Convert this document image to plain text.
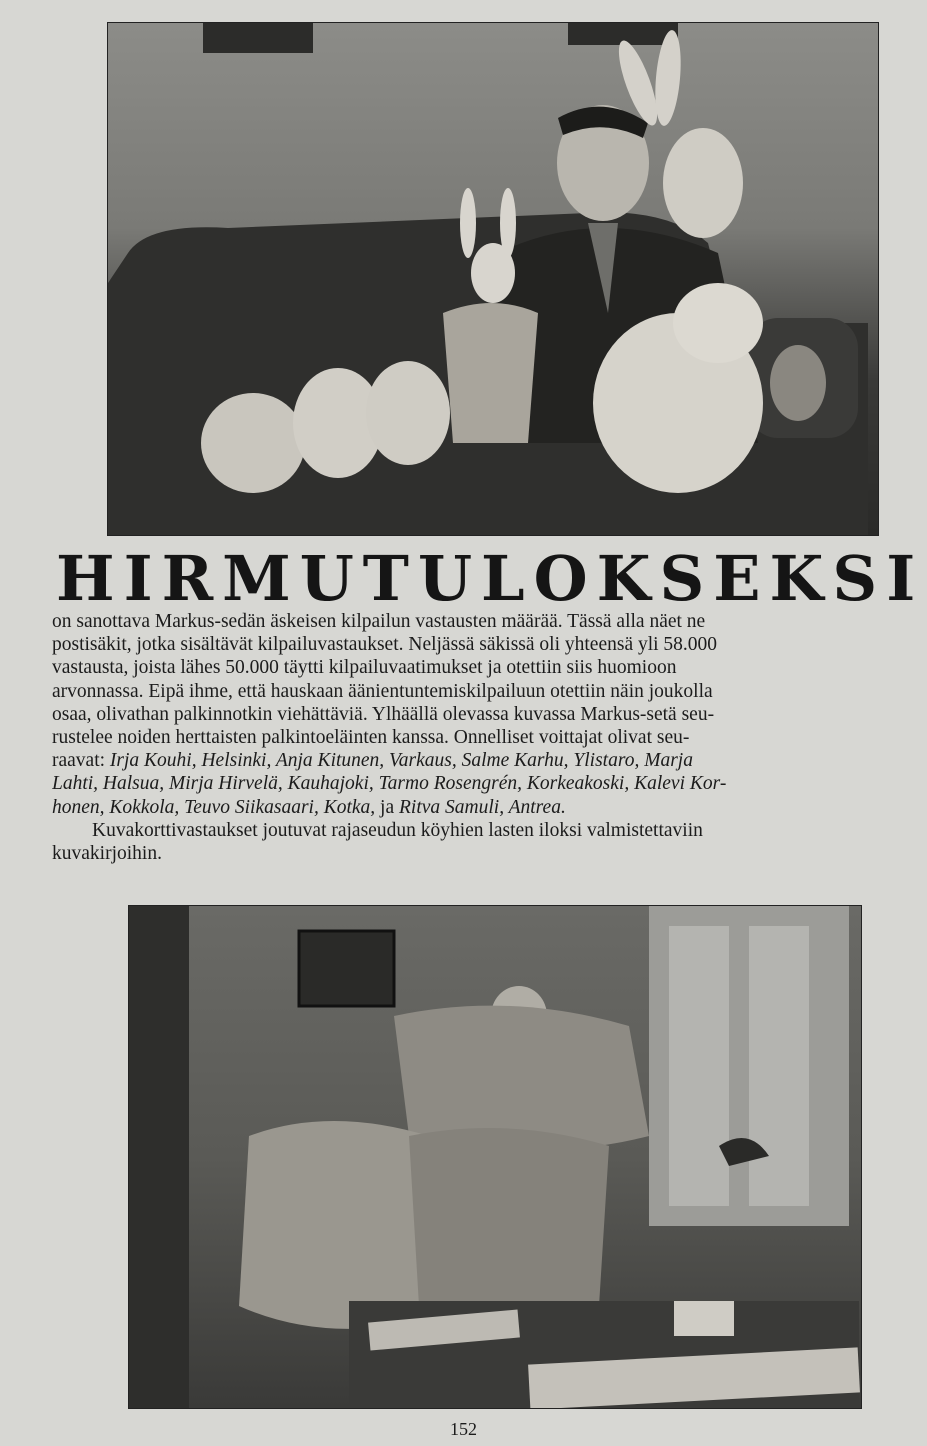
HIRMUTULOKSEKSI
on sanottava Markus-sedän äskeisen kilpailun vastausten määrää. Tässä alla näet ne
postisäkit, jotka sisältävät kilpailuvastaukset. Neljässä säkissä oli yhteensä yli 58.000
vastausta, joista lähes 50.000 täytti kilpailuvaatimukset ja otettiin siis huomioon
arvonnassa. Eipä ihme, että hauskaan äänientuntemiskilpailuun otettiin näin joukolla
osaa, olivathan palkinnotkin viehättäviä. Ylhäällä olevassa kuvassa Markus-setä seu-
rustelee noiden herttaisten palkintoeläinten kanssa. Onnelliset voittajat olivat seu-
raavat: Irja Kouhi, Helsinki, Anja Kitunen, Varkaus, Salme Karhu, Ylistaro, Marja
Lahti, Halsua, Mirja Hirvelä, Kauhajoki, Tarmo Rosengrén, Korkeakoski, Kalevi Kor-
honen, Kokkola, Teuvo Siikasaari, Kotka, ja Ritva Samuli, Antrea.
Kuvakorttivastaukset joutuvat rajaseudun köyhien lasten iloksi valmistettaviin
kuvakirjoihin.
152
